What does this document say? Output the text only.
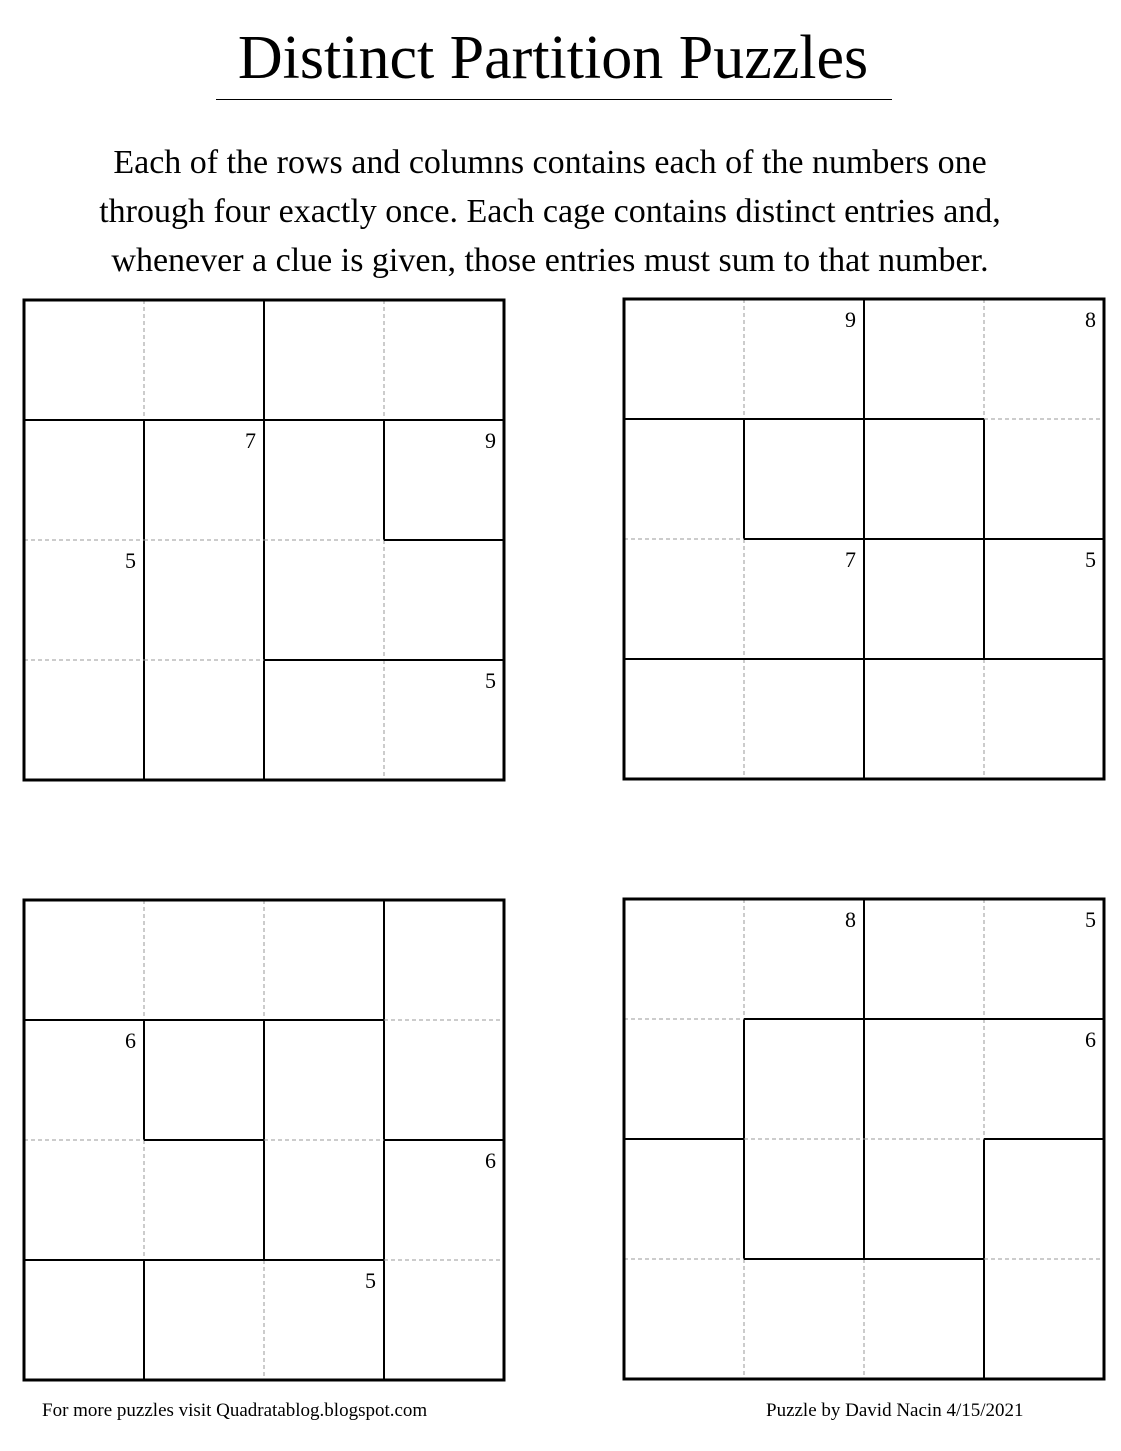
Distinct Partition Puzzles
Each of the rows and columns contains each of the numbers one
through four exactly once. Each cage contains distinct entries and,
whenever a clue is given, those entries must sum to that number.
7	9
5
5
9	8
7	5
6
6
5
8	5
6
For more puzzles visit Quadratablog.blogspot.com	Puzzle by David Nacin 4/15/2021
